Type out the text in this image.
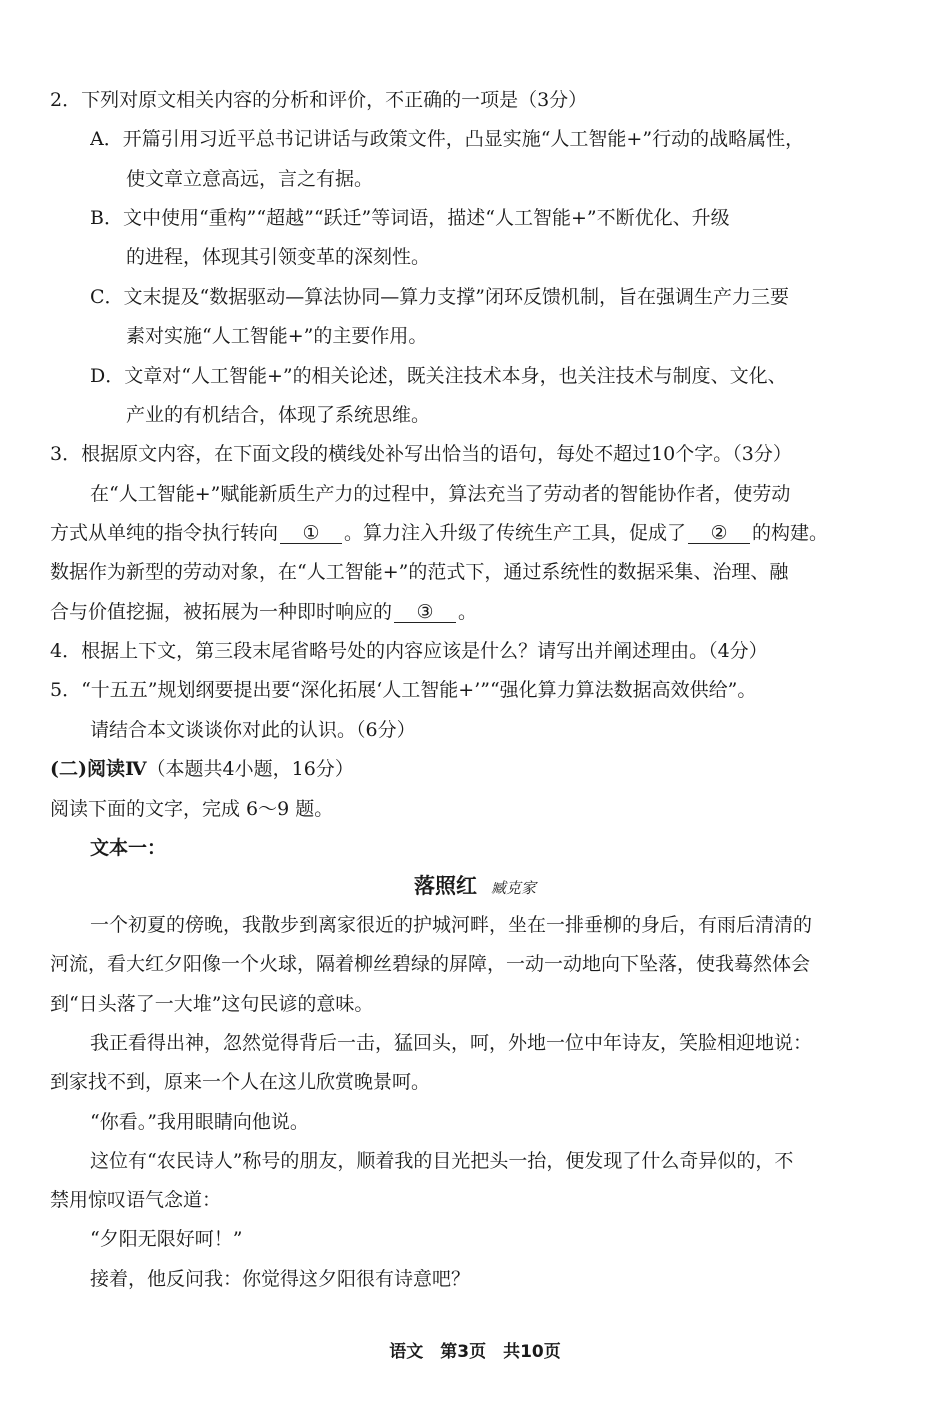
2．下列对原文相关内容的分析和评价，不正确的一项是（3分）
A．开篇引用习近平总书记讲话与政策文件，凸显实施“人工智能+”行动的战略属性，
使文章立意高远，言之有据。
B．文中使用“重构”“超越”“跃迁”等词语，描述“人工智能+”不断优化、升级
的进程，体现其引领变革的深刻性。
C．文末提及“数据驱动—算法协同—算力支撑”闭环反馈机制，旨在强调生产力三要
素对实施“人工智能+”的主要作用。
D．文章对“人工智能+”的相关论述，既关注技术本身，也关注技术与制度、文化、
产业的有机结合，体现了系统思维。
3．根据原文内容，在下面文段的横线处补写出恰当的语句，每处不超过10个字。（3分）
在“人工智能+”赋能新质生产力的过程中，算法充当了劳动者的智能协作者，使劳动
方式从单纯的指令执行转向 ① 。算力注入升级了传统生产工具，促成了 ② 的构建。
数据作为新型的劳动对象，在“人工智能+”的范式下，通过系统性的数据采集、治理、融
合与价值挖掘，被拓展为一种即时响应的 ③ 。
4．根据上下文，第三段末尾省略号处的内容应该是什么？请写出并阐述理由。（4分）
5．“十五五”规划纲要提出要“深化拓展‘人工智能+’”“强化算力算法数据高效供给”。
请结合本文谈谈你对此的认识。（6分）
(二)阅读Ⅳ（本题共4小题，16分）
阅读下面的文字，完成 6～9 题。
文本一：
落照红 臧克家
一个初夏的傍晚，我散步到离家很近的护城河畔，坐在一排垂柳的身后，有雨后清清的
河流，看大红夕阳像一个火球，隔着柳丝碧绿的屏障，一动一动地向下坠落，使我蓦然体会
到“日头落了一大堆”这句民谚的意味。
我正看得出神，忽然觉得背后一击，猛回头，呵，外地一位中年诗友，笑脸相迎地说：
到家找不到，原来一个人在这儿欣赏晚景呵。
“你看。”我用眼睛向他说。
这位有“农民诗人”称号的朋友，顺着我的目光把头一抬，便发现了什么奇异似的，不
禁用惊叹语气念道：
“夕阳无限好呵！”
接着，他反问我：你觉得这夕阳很有诗意吧？
语文　第3页　共10页
